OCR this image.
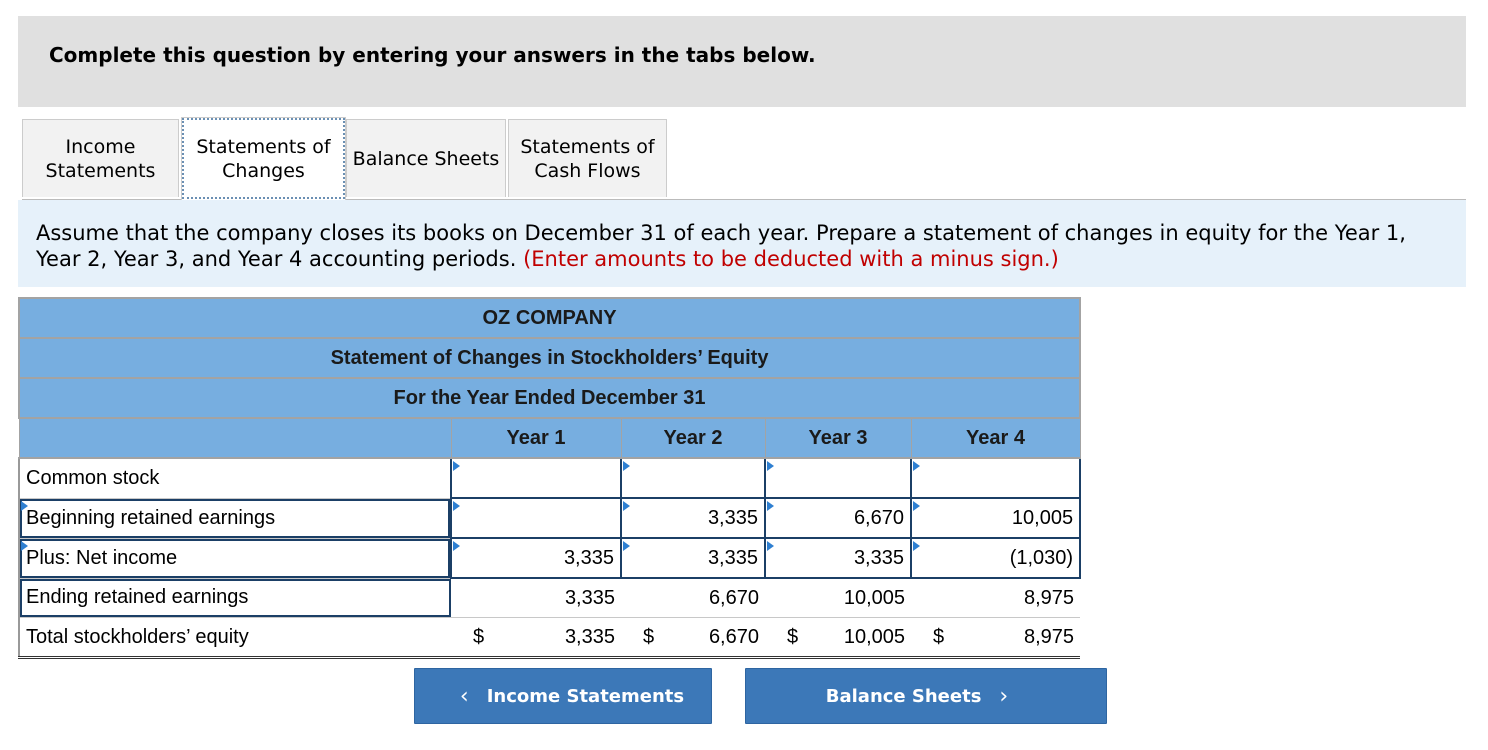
Complete this question by entering your answers in the tabs below.
Income
Statements
Statements of
Changes
Balance Sheets
Statements of
Cash Flows

Assume that the company closes its books on December 31 of each year. Prepare a statement of changes in equity for the Year 1, Year 2, Year 3, and Year 4 accounting periods. (Enter amounts to be deducted with a minus sign.)

OZ COMPANY				
Statement of Changes in Stockholders’ Equity				
For the Year Ended December 31				
	Year 1	Year 2	Year 3	Year 4
Common stock				
Beginning retained earnings		3,335	6,670	10,005
Plus: Net income	3,335	3,335	3,335	(1,030)
Ending retained earnings	3,335	6,670	10,005	8,975
Total stockholders’ equity	$ 3,335	$ 6,670	$ 10,005	$ 8,975
‹ Income Statements	Balance Sheets ›
